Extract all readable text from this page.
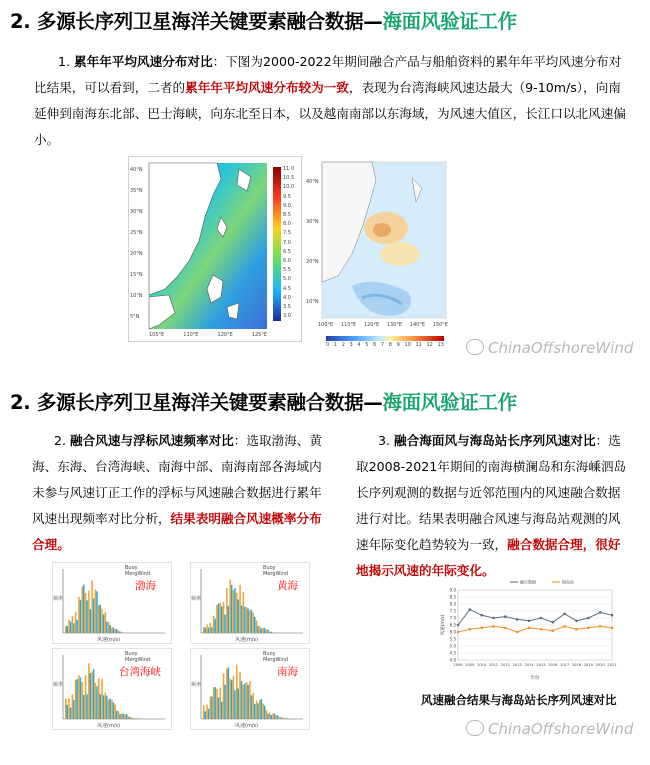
2. 多源长序列卫星海洋关键要素融合数据—海面风验证工作
1. 累年年平均风速分布对比：下图为2000-2022年期间融合产品与船舶资料的累年年平均风速分布对比结果，可以看到，二者的累年年平均风速分布较为一致，表现为台湾海峡风速达最大（9-10m/s），向南延伸到南海东北部、巴士海峡，向东北至日本，以及越南南部以东海域，为风速大值区，长江口以北风速偏小。
40°N
35°N
30°N
25°N
20°N
15°N
10°N
5°N
105°E	110°E	120°E	125°E
11.0
10.5
10.0
9.5
9.0
8.5
8.0
7.5
7.0
6.5
6.0
5.5
5.0
4.5
4.0
3.5
3.0
40°N
30°N
20°N
10°N
100°E 110°E 120°E 130°E 140°E 150°E
0 1 2 3 4 5 6 7 8 9 10 11 12 13	ChinaOffshoreWind
2. 多源长序列卫星海洋关键要素融合数据—海面风验证工作
2. 融合风速与浮标风速频率对比：选取渤海、黄海、东海、台湾海峡、南海中部、南海南部各海域内未参与风速订正工作的浮标与风速融合数据进行累年风速出现频率对比分析，结果表明融合风速概率分布合理。
3. 融合海面风与海岛站长序列风速对比：选取2008-2021年期间的南海横澜岛和东海嵊泗岛长序列观测的数据与近邻范围内的风速融合数据进行对比。结果表明融合风速与海岛站观测的风速年际变化趋势较为一致，融合数据合理，很好地揭示风速的年际变化。
渤海
Buoy
MergWind
风速(m/s)
频率
黄海
Buoy
MergWind
风速(m/s)
频率
台湾海峡
Buoy
MergWind
风速(m/s)
频率
南海
Buoy
MergWind
风速(m/s)
频率
9.0
8.5
8.0
7.5
7.0
6.5
6.0
5.5
5.0
4.5
4.0
2008 2009 2010 2011 2012 2013 2014 2015 2016 2017 2018 2019 2020 2021
融合数据	海岛站
年份
风速(m/s)
风速融合结果与海岛站长序列风速对比
ChinaOffshoreWind
